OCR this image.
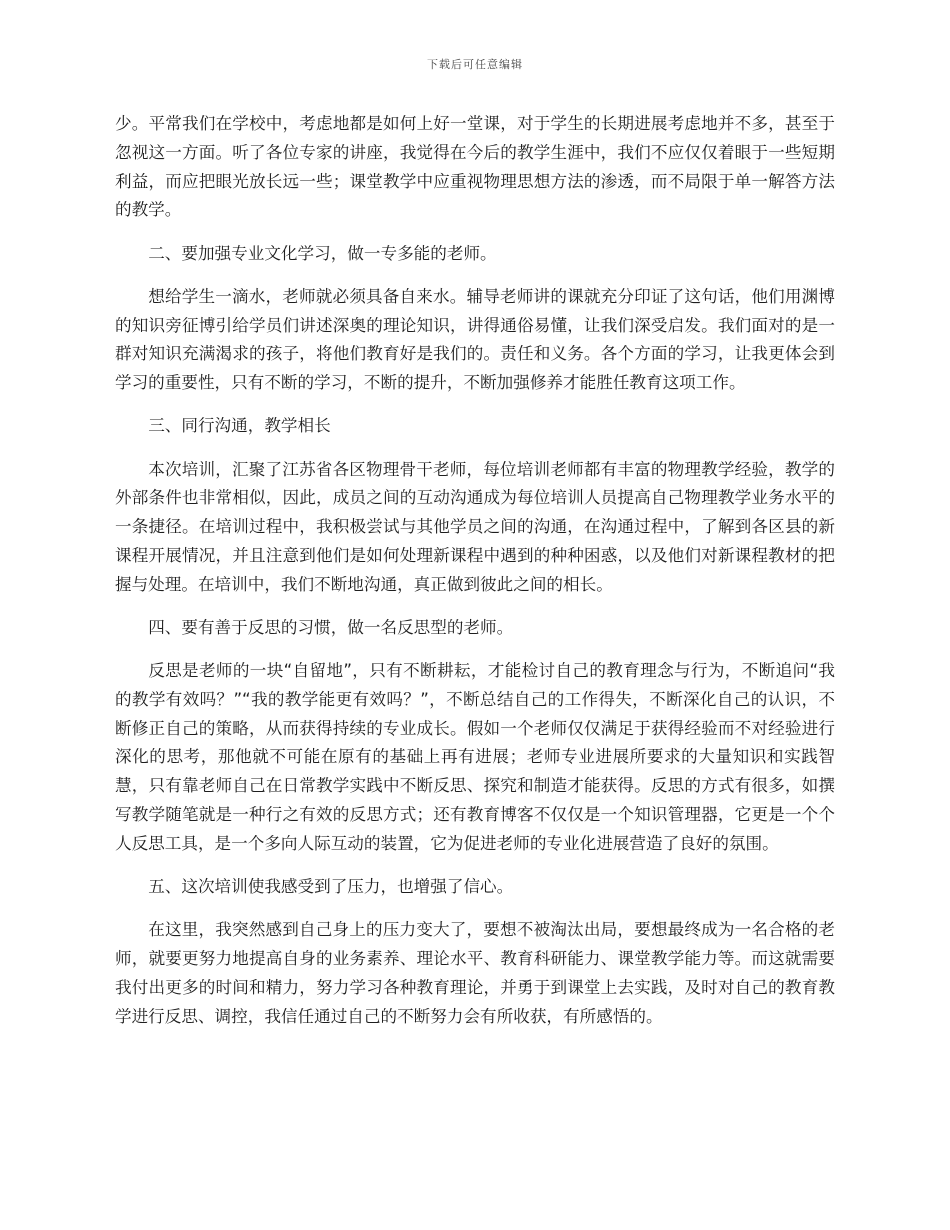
下载后可任意编辑

少。平常我们在学校中，考虑地都是如何上好一堂课，对于学生的长期进展考虑地并不多，甚至于忽视这一方面。听了各位专家的讲座，我觉得在今后的教学生涯中，我们不应仅仅着眼于一些短期利益，而应把眼光放长远一些；课堂教学中应重视物理思想方法的渗透，而不局限于单一解答方法的教学。

二、要加强专业文化学习，做一专多能的老师。

想给学生一滴水，老师就必须具备自来水。辅导老师讲的课就充分印证了这句话，他们用渊博的知识旁征博引给学员们讲述深奥的理论知识，讲得通俗易懂，让我们深受启发。我们面对的是一群对知识充满渴求的孩子，将他们教育好是我们的。责任和义务。各个方面的学习，让我更体会到学习的重要性，只有不断的学习，不断的提升，不断加强修养才能胜任教育这项工作。

三、同行沟通，教学相长

本次培训，汇聚了江苏省各区物理骨干老师，每位培训老师都有丰富的物理教学经验，教学的外部条件也非常相似，因此，成员之间的互动沟通成为每位培训人员提高自己物理教学业务水平的一条捷径。在培训过程中，我积极尝试与其他学员之间的沟通，在沟通过程中，了解到各区县的新课程开展情况，并且注意到他们是如何处理新课程中遇到的种种困惑，以及他们对新课程教材的把握与处理。在培训中，我们不断地沟通，真正做到彼此之间的相长。

四、要有善于反思的习惯，做一名反思型的老师。

反思是老师的一块“自留地”，只有不断耕耘，才能检讨自己的教育理念与行为，不断追问“我的教学有效吗？”“我的教学能更有效吗？”，不断总结自己的工作得失，不断深化自己的认识，不断修正自己的策略，从而获得持续的专业成长。假如一个老师仅仅满足于获得经验而不对经验进行深化的思考，那他就不可能在原有的基础上再有进展；老师专业进展所要求的大量知识和实践智慧，只有靠老师自己在日常教学实践中不断反思、探究和制造才能获得。反思的方式有很多，如撰写教学随笔就是一种行之有效的反思方式；还有教育博客不仅仅是一个知识管理器，它更是一个个人反思工具，是一个多向人际互动的装置，它为促进老师的专业化进展营造了良好的氛围。

五、这次培训使我感受到了压力，也增强了信心。

在这里，我突然感到自己身上的压力变大了，要想不被淘汰出局，要想最终成为一名合格的老师，就要更努力地提高自身的业务素养、理论水平、教育科研能力、课堂教学能力等。而这就需要我付出更多的时间和精力，努力学习各种教育理论，并勇于到课堂上去实践，及时对自己的教育教学进行反思、调控，我信任通过自己的不断努力会有所收获，有所感悟的。
